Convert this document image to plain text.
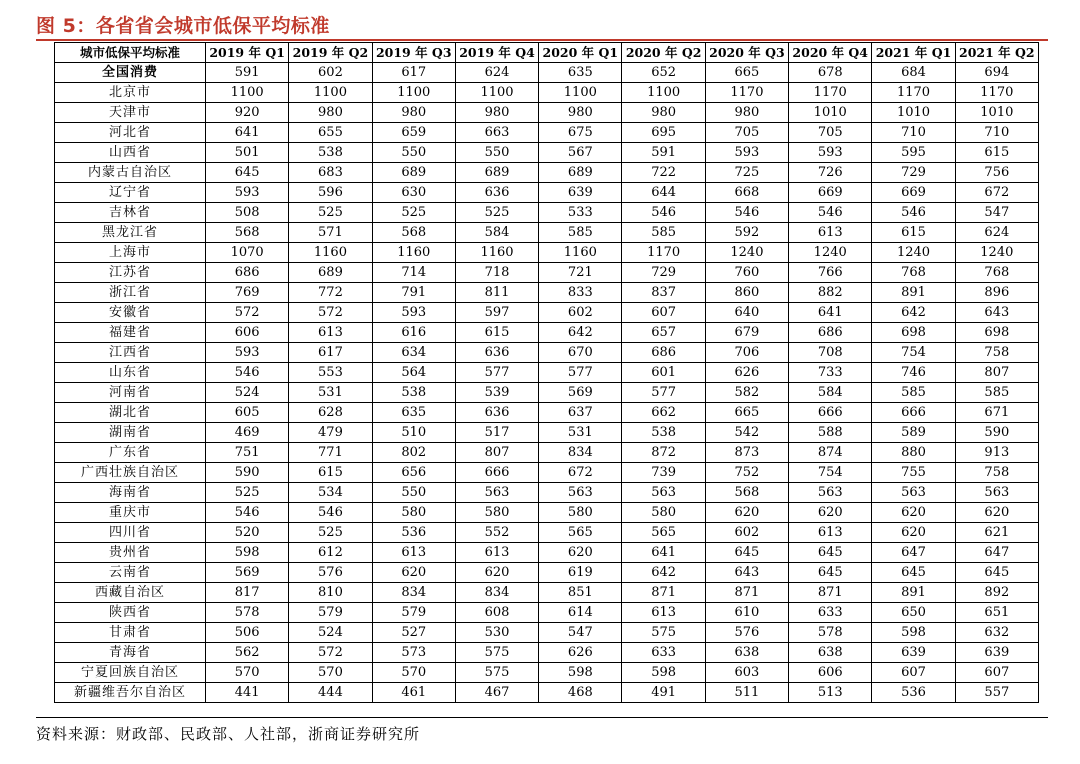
图 5：各省省会城市低保平均标准
城市低保平均标准	2019 年 Q1	2019 年 Q2	2019 年 Q3	2019 年 Q4	2020 年 Q1	2020 年 Q2	2020 年 Q3	2020 年 Q4	2021 年 Q1	2021 年 Q2
全国消费	591	602	617	624	635	652	665	678	684	694
北京市	1100	1100	1100	1100	1100	1100	1170	1170	1170	1170
天津市	920	980	980	980	980	980	980	1010	1010	1010
河北省	641	655	659	663	675	695	705	705	710	710
山西省	501	538	550	550	567	591	593	593	595	615
内蒙古自治区	645	683	689	689	689	722	725	726	729	756
辽宁省	593	596	630	636	639	644	668	669	669	672
吉林省	508	525	525	525	533	546	546	546	546	547
黑龙江省	568	571	568	584	585	585	592	613	615	624
上海市	1070	1160	1160	1160	1160	1170	1240	1240	1240	1240
江苏省	686	689	714	718	721	729	760	766	768	768
浙江省	769	772	791	811	833	837	860	882	891	896
安徽省	572	572	593	597	602	607	640	641	642	643
福建省	606	613	616	615	642	657	679	686	698	698
江西省	593	617	634	636	670	686	706	708	754	758
山东省	546	553	564	577	577	601	626	733	746	807
河南省	524	531	538	539	569	577	582	584	585	585
湖北省	605	628	635	636	637	662	665	666	666	671
湖南省	469	479	510	517	531	538	542	588	589	590
广东省	751	771	802	807	834	872	873	874	880	913
广西壮族自治区	590	615	656	666	672	739	752	754	755	758
海南省	525	534	550	563	563	563	568	563	563	563
重庆市	546	546	580	580	580	580	620	620	620	620
四川省	520	525	536	552	565	565	602	613	620	621
贵州省	598	612	613	613	620	641	645	645	647	647
云南省	569	576	620	620	619	642	643	645	645	645
西藏自治区	817	810	834	834	851	871	871	871	891	892
陕西省	578	579	579	608	614	613	610	633	650	651
甘肃省	506	524	527	530	547	575	576	578	598	632
青海省	562	572	573	575	626	633	638	638	639	639
宁夏回族自治区	570	570	570	575	598	598	603	606	607	607
新疆维吾尔自治区	441	444	461	467	468	491	511	513	536	557
资料来源：财政部、民政部、人社部，浙商证券研究所
